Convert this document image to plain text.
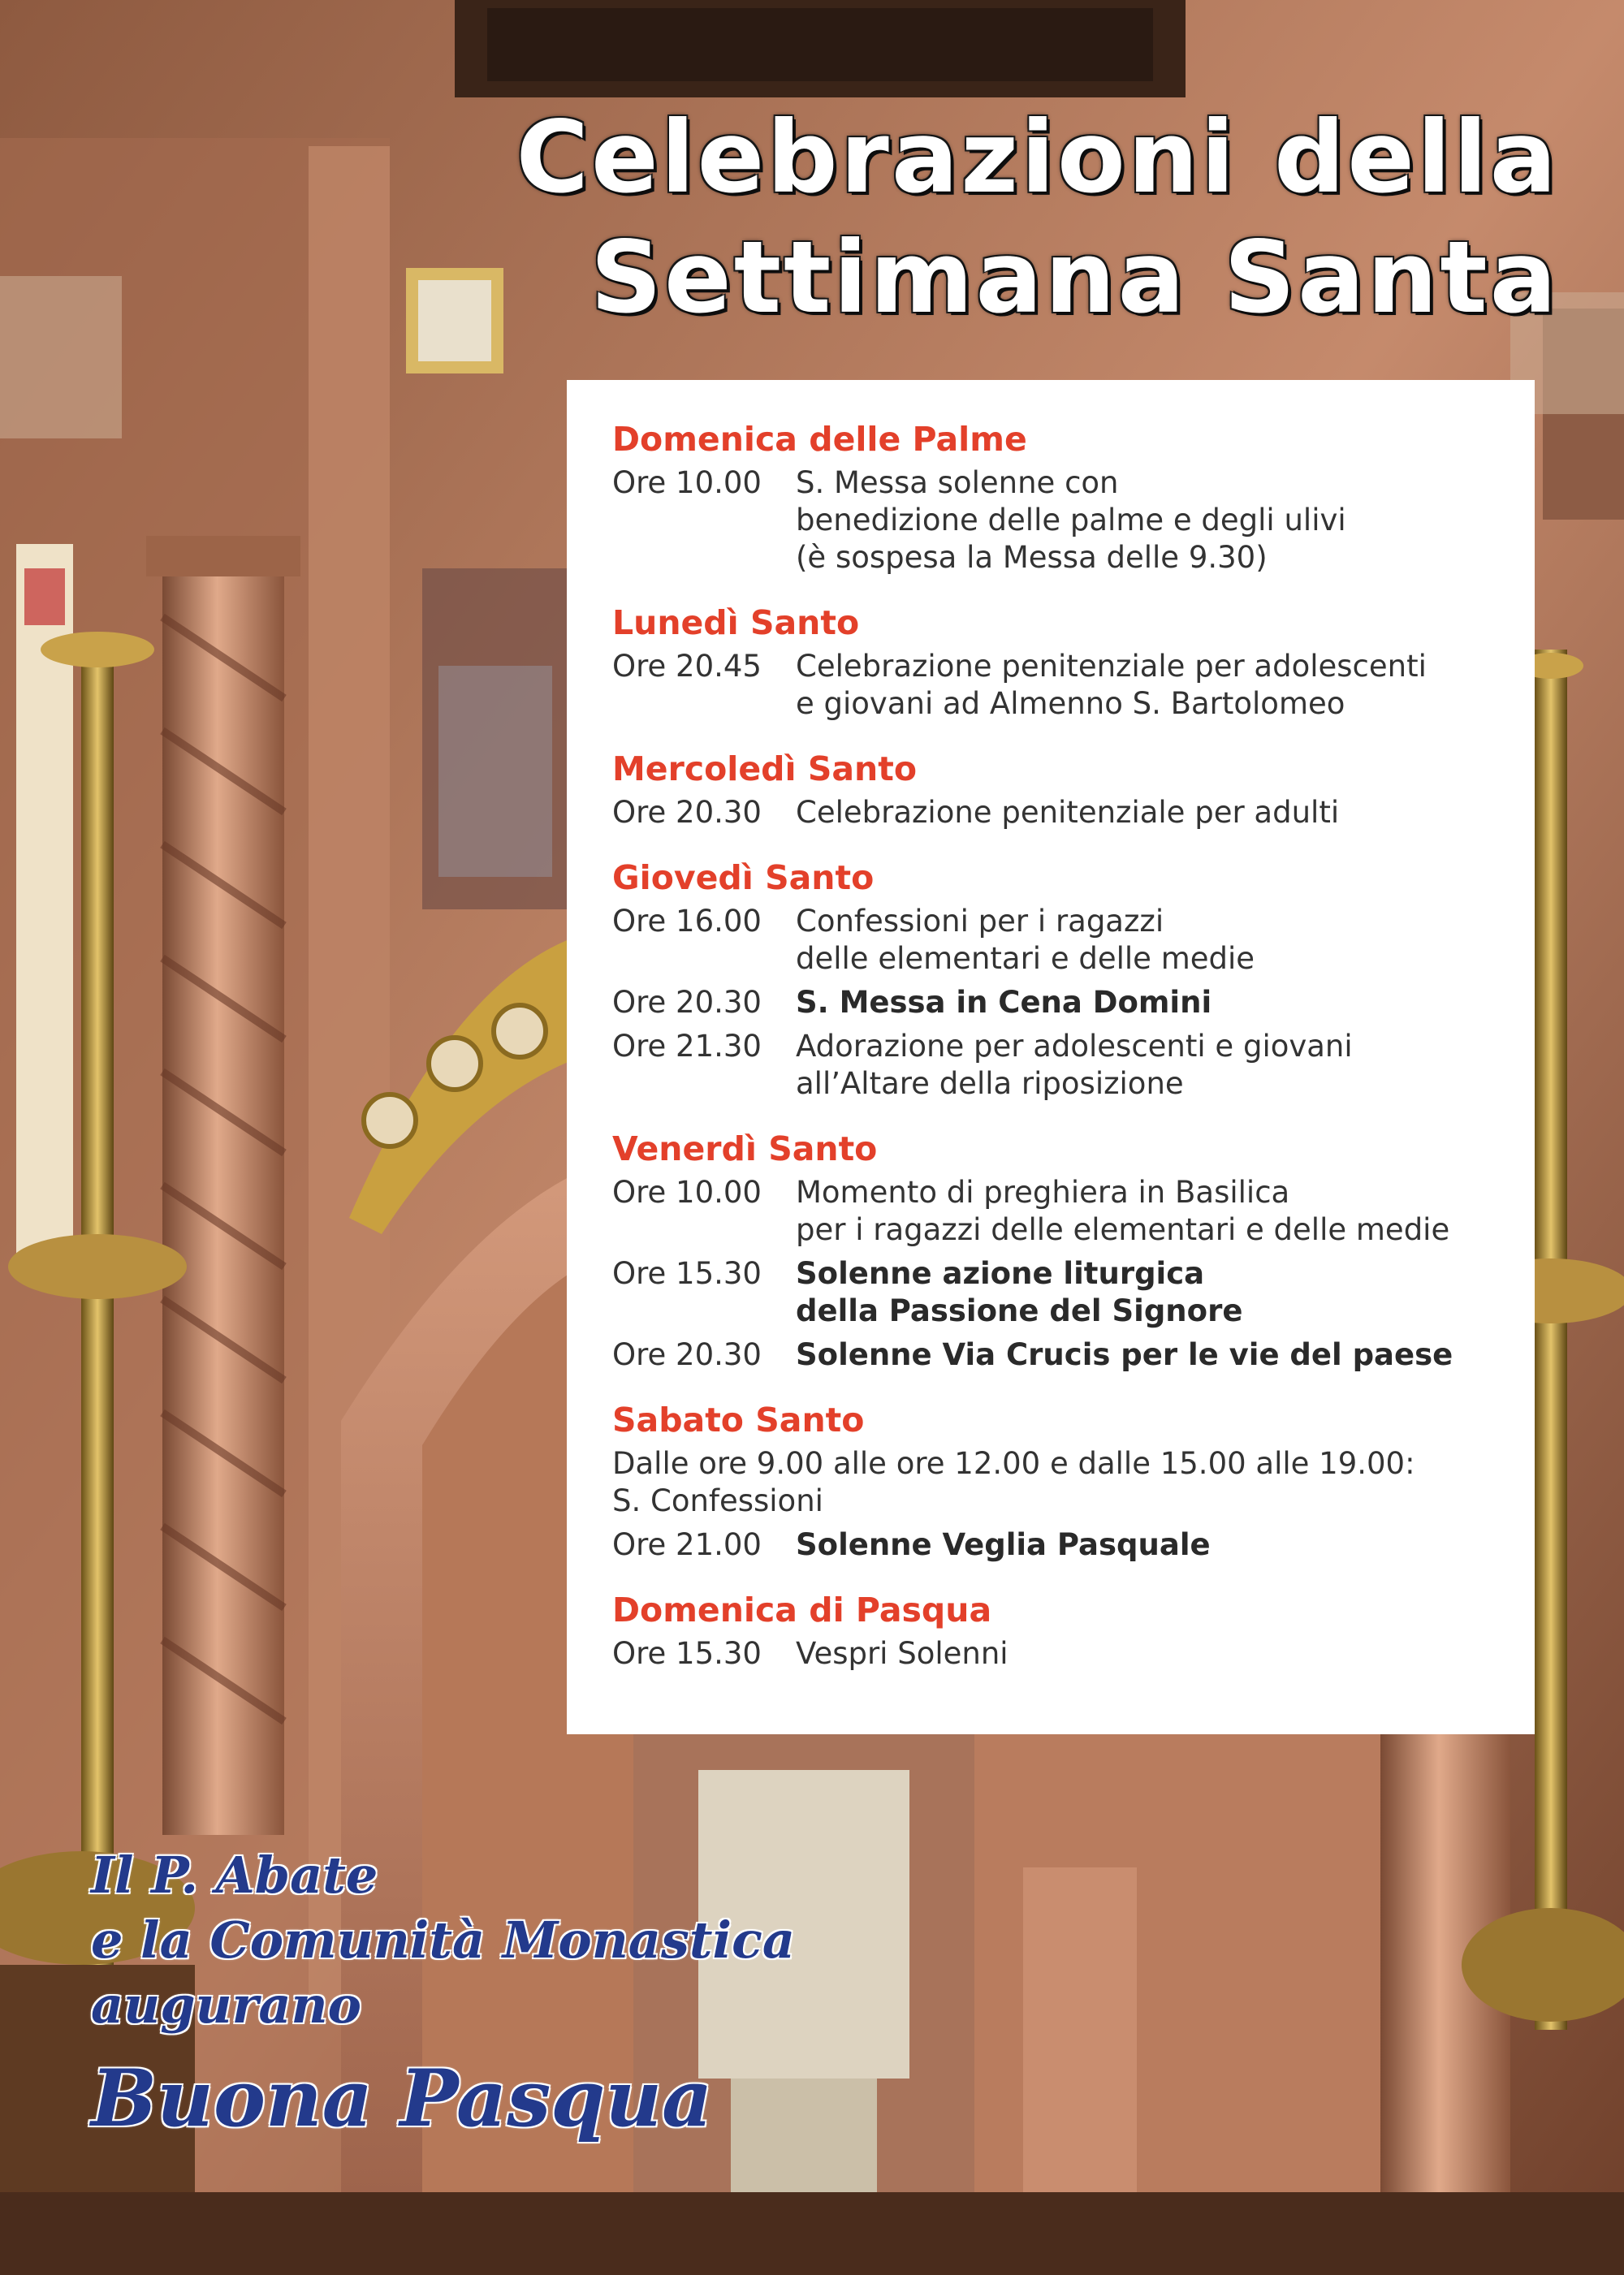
Celebrazioni della
Settimana Santa
Domenica delle Palme
Ore 10.00	S. Messa solenne con
benedizione delle palme e degli ulivi
(è sospesa la Messa delle 9.30)
Lunedì Santo
Ore 20.45	Celebrazione penitenziale per adolescenti
e giovani ad Almenno S. Bartolomeo
Mercoledì Santo
Ore 20.30	Celebrazione penitenziale per adulti
Giovedì Santo
Ore 16.00	Confessioni per i ragazzi
delle elementari e delle medie
Ore 20.30	S. Messa in Cena Domini
Ore 21.30	Adorazione per adolescenti e giovani
all’Altare della riposizione
Venerdì Santo
Ore 10.00	Momento di preghiera in Basilica
per i ragazzi delle elementari e delle medie
Ore 15.30	Solenne azione liturgica
della Passione del Signore
Ore 20.30	Solenne Via Crucis per le vie del paese
Sabato Santo
Dalle ore 9.00 alle ore 12.00 e dalle 15.00 alle 19.00:
S. Confessioni
Ore 21.00	Solenne Veglia Pasquale
Domenica di Pasqua
Ore 15.30	Vespri Solenni
Il P. Abate
e la Comunità Monastica
augurano
Buona Pasqua
